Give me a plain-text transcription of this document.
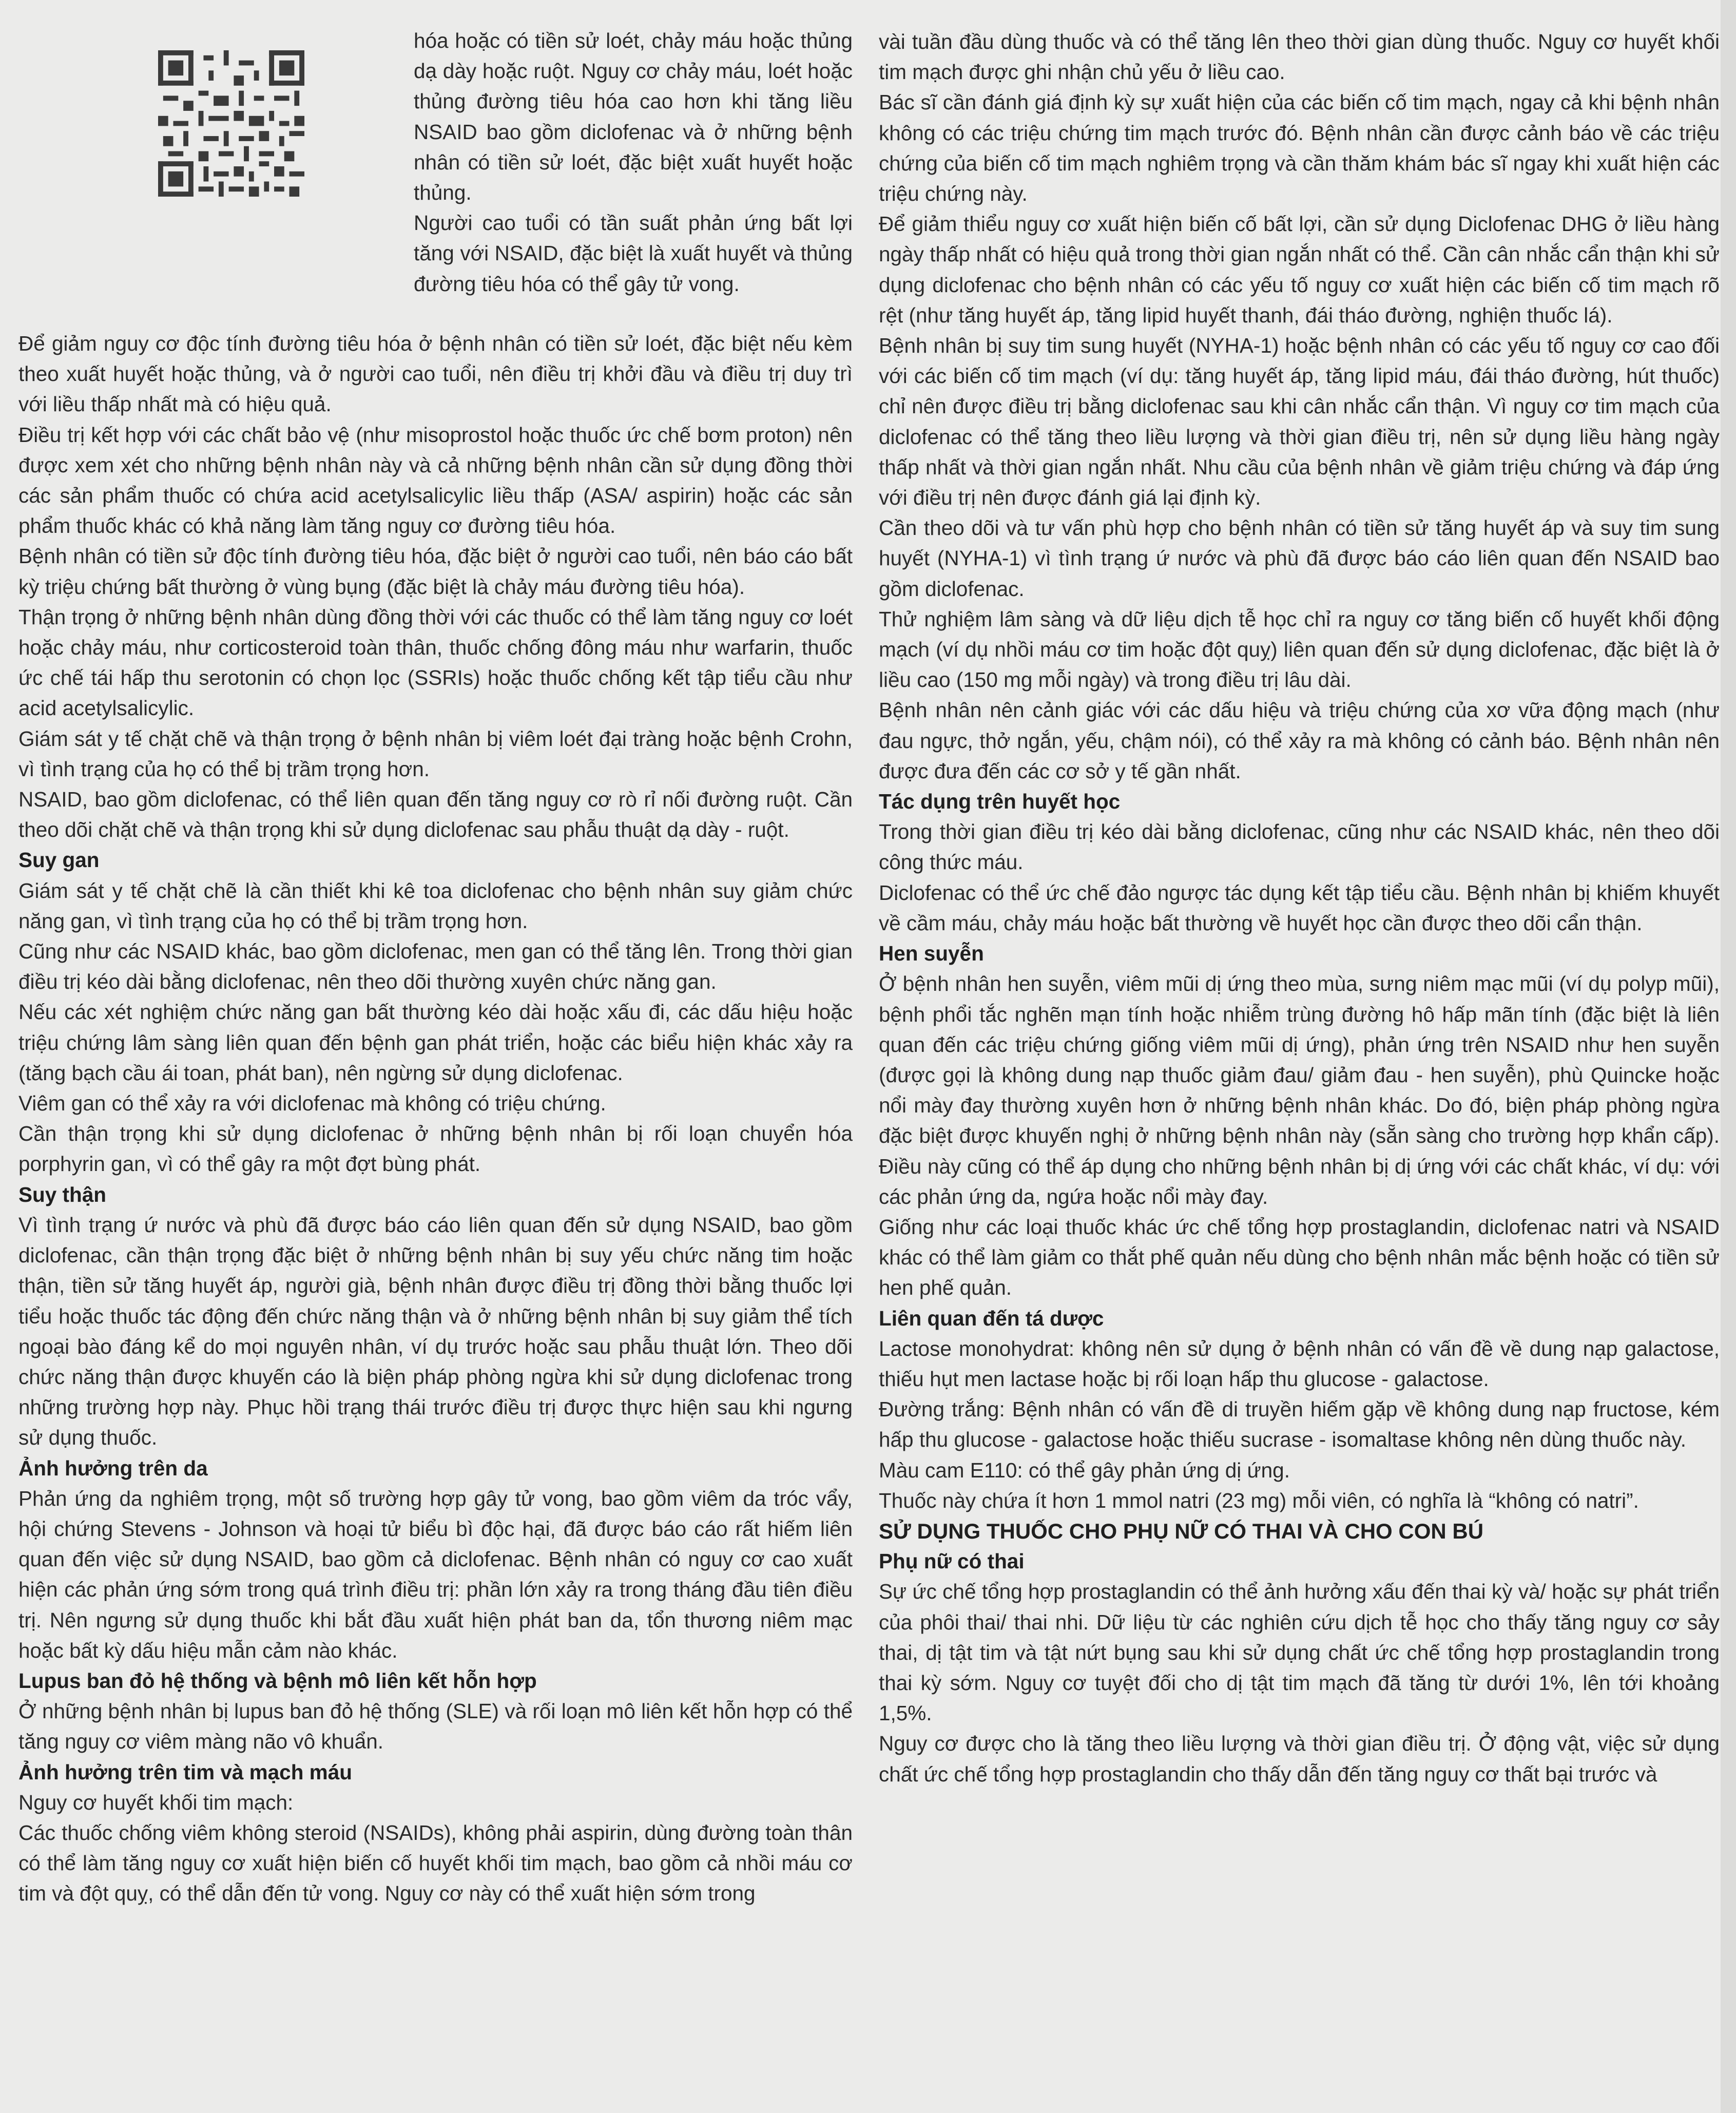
hóa hoặc có tiền sử loét, chảy máu hoặc thủng dạ dày hoặc ruột. Nguy cơ chảy máu, loét hoặc thủng đường tiêu hóa cao hơn khi tăng liều NSAID bao gồm diclofenac và ở những bệnh nhân có tiền sử loét, đặc biệt xuất huyết hoặc thủng.

Người cao tuổi có tần suất phản ứng bất lợi tăng với NSAID, đặc biệt là xuất huyết và thủng đường tiêu hóa có thể gây tử vong.

Để giảm nguy cơ độc tính đường tiêu hóa ở bệnh nhân có tiền sử loét, đặc biệt nếu kèm theo xuất huyết hoặc thủng, và ở người cao tuổi, nên điều trị khởi đầu và điều trị duy trì với liều thấp nhất mà có hiệu quả.

Điều trị kết hợp với các chất bảo vệ (như misoprostol hoặc thuốc ức chế bơm proton) nên được xem xét cho những bệnh nhân này và cả những bệnh nhân cần sử dụng đồng thời các sản phẩm thuốc có chứa acid acetylsalicylic liều thấp (ASA/ aspirin) hoặc các sản phẩm thuốc khác có khả năng làm tăng nguy cơ đường tiêu hóa.

Bệnh nhân có tiền sử độc tính đường tiêu hóa, đặc biệt ở người cao tuổi, nên báo cáo bất kỳ triệu chứng bất thường ở vùng bụng (đặc biệt là chảy máu đường tiêu hóa).

Thận trọng ở những bệnh nhân dùng đồng thời với các thuốc có thể làm tăng nguy cơ loét hoặc chảy máu, như corticosteroid toàn thân, thuốc chống đông máu như warfarin, thuốc ức chế tái hấp thu serotonin có chọn lọc (SSRIs) hoặc thuốc chống kết tập tiểu cầu như acid acetylsalicylic.

Giám sát y tế chặt chẽ và thận trọng ở bệnh nhân bị viêm loét đại tràng hoặc bệnh Crohn, vì tình trạng của họ có thể bị trầm trọng hơn.

NSAID, bao gồm diclofenac, có thể liên quan đến tăng nguy cơ rò rỉ nối đường ruột. Cần theo dõi chặt chẽ và thận trọng khi sử dụng diclofenac sau phẫu thuật dạ dày - ruột.

Suy gan

Giám sát y tế chặt chẽ là cần thiết khi kê toa diclofenac cho bệnh nhân suy giảm chức năng gan, vì tình trạng của họ có thể bị trầm trọng hơn.

Cũng như các NSAID khác, bao gồm diclofenac, men gan có thể tăng lên. Trong thời gian điều trị kéo dài bằng diclofenac, nên theo dõi thường xuyên chức năng gan.

Nếu các xét nghiệm chức năng gan bất thường kéo dài hoặc xấu đi, các dấu hiệu hoặc triệu chứng lâm sàng liên quan đến bệnh gan phát triển, hoặc các biểu hiện khác xảy ra (tăng bạch cầu ái toan, phát ban), nên ngừng sử dụng diclofenac.

Viêm gan có thể xảy ra với diclofenac mà không có triệu chứng.

Cần thận trọng khi sử dụng diclofenac ở những bệnh nhân bị rối loạn chuyển hóa porphyrin gan, vì có thể gây ra một đợt bùng phát.

Suy thận

Vì tình trạng ứ nước và phù đã được báo cáo liên quan đến sử dụng NSAID, bao gồm diclofenac, cần thận trọng đặc biệt ở những bệnh nhân bị suy yếu chức năng tim hoặc thận, tiền sử tăng huyết áp, người già, bệnh nhân được điều trị đồng thời bằng thuốc lợi tiểu hoặc thuốc tác động đến chức năng thận và ở những bệnh nhân bị suy giảm thể tích ngoại bào đáng kể do mọi nguyên nhân, ví dụ trước hoặc sau phẫu thuật lớn. Theo dõi chức năng thận được khuyến cáo là biện pháp phòng ngừa khi sử dụng diclofenac trong những trường hợp này. Phục hồi trạng thái trước điều trị được thực hiện sau khi ngưng sử dụng thuốc.

Ảnh hưởng trên da

Phản ứng da nghiêm trọng, một số trường hợp gây tử vong, bao gồm viêm da tróc vẩy, hội chứng Stevens - Johnson và hoại tử biểu bì độc hại, đã được báo cáo rất hiếm liên quan đến việc sử dụng NSAID, bao gồm cả diclofenac. Bệnh nhân có nguy cơ cao xuất hiện các phản ứng sớm trong quá trình điều trị: phần lớn xảy ra trong tháng đầu tiên điều trị. Nên ngưng sử dụng thuốc khi bắt đầu xuất hiện phát ban da, tổn thương niêm mạc hoặc bất kỳ dấu hiệu mẫn cảm nào khác.

Lupus ban đỏ hệ thống và bệnh mô liên kết hỗn hợp

Ở những bệnh nhân bị lupus ban đỏ hệ thống (SLE) và rối loạn mô liên kết hỗn hợp có thể tăng nguy cơ viêm màng não vô khuẩn.

Ảnh hưởng trên tim và mạch máu

Nguy cơ huyết khối tim mạch:

Các thuốc chống viêm không steroid (NSAIDs), không phải aspirin, dùng đường toàn thân có thể làm tăng nguy cơ xuất hiện biến cố huyết khối tim mạch, bao gồm cả nhồi máu cơ tim và đột quỵ, có thể dẫn đến tử vong. Nguy cơ này có thể xuất hiện sớm trong

vài tuần đầu dùng thuốc và có thể tăng lên theo thời gian dùng thuốc. Nguy cơ huyết khối tim mạch được ghi nhận chủ yếu ở liều cao.

Bác sĩ cần đánh giá định kỳ sự xuất hiện của các biến cố tim mạch, ngay cả khi bệnh nhân không có các triệu chứng tim mạch trước đó. Bệnh nhân cần được cảnh báo về các triệu chứng của biến cố tim mạch nghiêm trọng và cần thăm khám bác sĩ ngay khi xuất hiện các triệu chứng này.

Để giảm thiểu nguy cơ xuất hiện biến cố bất lợi, cần sử dụng Diclofenac DHG ở liều hàng ngày thấp nhất có hiệu quả trong thời gian ngắn nhất có thể. Cần cân nhắc cẩn thận khi sử dụng diclofenac cho bệnh nhân có các yếu tố nguy cơ xuất hiện các biến cố tim mạch rõ rệt (như tăng huyết áp, tăng lipid huyết thanh, đái tháo đường, nghiện thuốc lá).

Bệnh nhân bị suy tim sung huyết (NYHA-1) hoặc bệnh nhân có các yếu tố nguy cơ cao đối với các biến cố tim mạch (ví dụ: tăng huyết áp, tăng lipid máu, đái tháo đường, hút thuốc) chỉ nên được điều trị bằng diclofenac sau khi cân nhắc cẩn thận. Vì nguy cơ tim mạch của diclofenac có thể tăng theo liều lượng và thời gian điều trị, nên sử dụng liều hàng ngày thấp nhất và thời gian ngắn nhất. Nhu cầu của bệnh nhân về giảm triệu chứng và đáp ứng với điều trị nên được đánh giá lại định kỳ.

Cần theo dõi và tư vấn phù hợp cho bệnh nhân có tiền sử tăng huyết áp và suy tim sung huyết (NYHA-1) vì tình trạng ứ nước và phù đã được báo cáo liên quan đến NSAID bao gồm diclofenac.

Thử nghiệm lâm sàng và dữ liệu dịch tễ học chỉ ra nguy cơ tăng biến cố huyết khối động mạch (ví dụ nhồi máu cơ tim hoặc đột quỵ) liên quan đến sử dụng diclofenac, đặc biệt là ở liều cao (150 mg mỗi ngày) và trong điều trị lâu dài.

Bệnh nhân nên cảnh giác với các dấu hiệu và triệu chứng của xơ vữa động mạch (như đau ngực, thở ngắn, yếu, chậm nói), có thể xảy ra mà không có cảnh báo. Bệnh nhân nên được đưa đến các cơ sở y tế gần nhất.

Tác dụng trên huyết học

Trong thời gian điều trị kéo dài bằng diclofenac, cũng như các NSAID khác, nên theo dõi công thức máu.

Diclofenac có thể ức chế đảo ngược tác dụng kết tập tiểu cầu. Bệnh nhân bị khiếm khuyết về cầm máu, chảy máu hoặc bất thường về huyết học cần được theo dõi cẩn thận.

Hen suyễn

Ở bệnh nhân hen suyễn, viêm mũi dị ứng theo mùa, sưng niêm mạc mũi (ví dụ polyp mũi), bệnh phổi tắc nghẽn mạn tính hoặc nhiễm trùng đường hô hấp mãn tính (đặc biệt là liên quan đến các triệu chứng giống viêm mũi dị ứng), phản ứng trên NSAID như hen suyễn (được gọi là không dung nạp thuốc giảm đau/ giảm đau - hen suyễn), phù Quincke hoặc nổi mày đay thường xuyên hơn ở những bệnh nhân khác. Do đó, biện pháp phòng ngừa đặc biệt được khuyến nghị ở những bệnh nhân này (sẵn sàng cho trường hợp khẩn cấp). Điều này cũng có thể áp dụng cho những bệnh nhân bị dị ứng với các chất khác, ví dụ: với các phản ứng da, ngứa hoặc nổi mày đay.

Giống như các loại thuốc khác ức chế tổng hợp prostaglandin, diclofenac natri và NSAID khác có thể làm giảm co thắt phế quản nếu dùng cho bệnh nhân mắc bệnh hoặc có tiền sử hen phế quản.

Liên quan đến tá dược

Lactose monohydrat: không nên sử dụng ở bệnh nhân có vấn đề về dung nạp galactose, thiếu hụt men lactase hoặc bị rối loạn hấp thu glucose - galactose.

Đường trắng: Bệnh nhân có vấn đề di truyền hiếm gặp về không dung nạp fructose, kém hấp thu glucose - galactose hoặc thiếu sucrase - isomaltase không nên dùng thuốc này.

Màu cam E110: có thể gây phản ứng dị ứng.

Thuốc này chứa ít hơn 1 mmol natri (23 mg) mỗi viên, có nghĩa là “không có natri”.

SỬ DỤNG THUỐC CHO PHỤ NỮ CÓ THAI VÀ CHO CON BÚ
Phụ nữ có thai

Sự ức chế tổng hợp prostaglandin có thể ảnh hưởng xấu đến thai kỳ và/ hoặc sự phát triển của phôi thai/ thai nhi. Dữ liệu từ các nghiên cứu dịch tễ học cho thấy tăng nguy cơ sảy thai, dị tật tim và tật nứt bụng sau khi sử dụng chất ức chế tổng hợp prostaglandin trong thai kỳ sớm. Nguy cơ tuyệt đối cho dị tật tim mạch đã tăng từ dưới 1%, lên tới khoảng 1,5%.

Nguy cơ được cho là tăng theo liều lượng và thời gian điều trị. Ở động vật, việc sử dụng chất ức chế tổng hợp prostaglandin cho thấy dẫn đến tăng nguy cơ thất bại trước và
